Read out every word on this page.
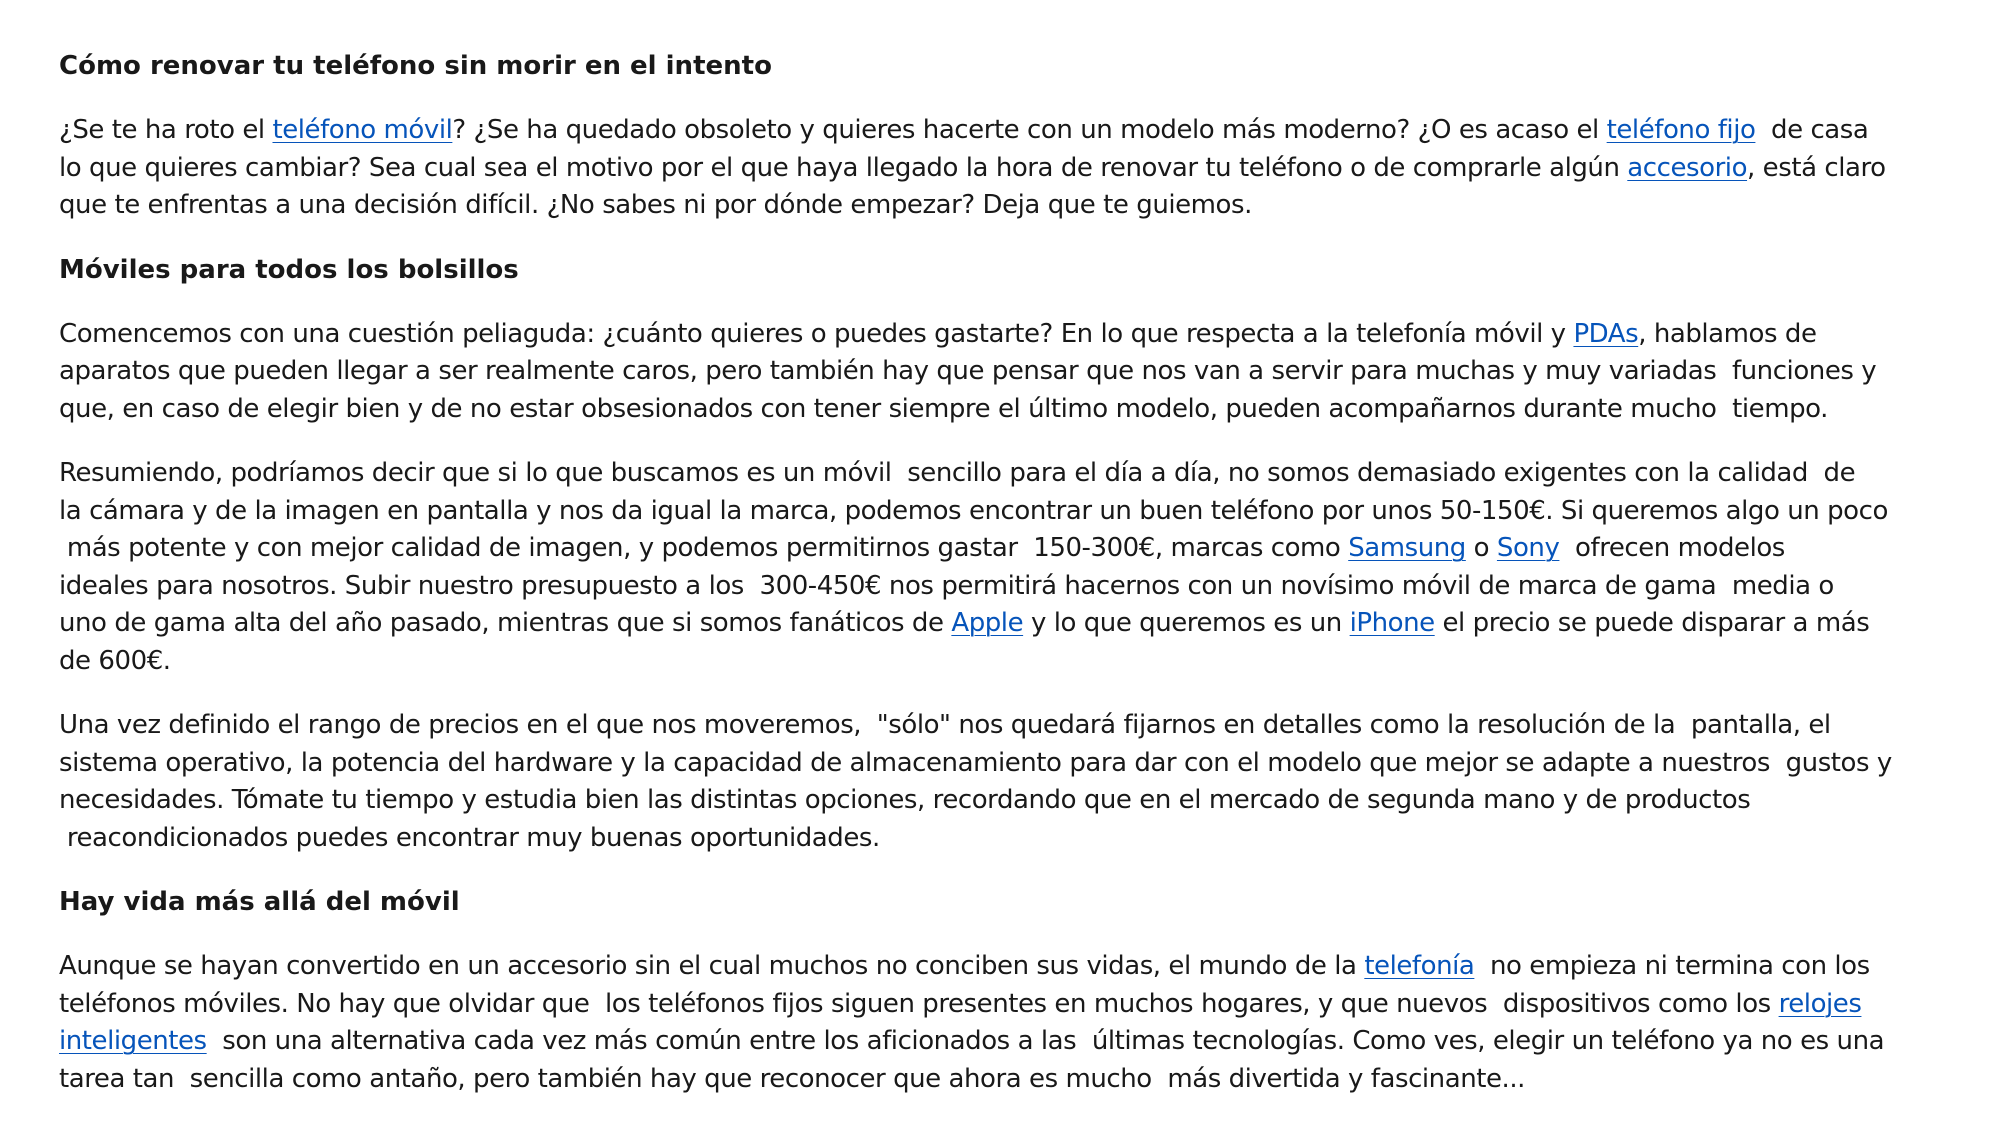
Cómo renovar tu teléfono sin morir en el intento
¿Se te ha roto el teléfono móvil? ¿Se ha quedado obsoleto y quieres hacerte con un modelo más moderno? ¿O es acaso el teléfono fijo  de casa
lo que quieres cambiar? Sea cual sea el motivo por el que haya llegado la hora de renovar tu teléfono o de comprarle algún accesorio, está claro
que te enfrentas a una decisión difícil. ¿No sabes ni por dónde empezar? Deja que te guiemos.
Móviles para todos los bolsillos
Comencemos con una cuestión peliaguda: ¿cuánto quieres o puedes gastarte? En lo que respecta a la telefonía móvil y PDAs, hablamos de
aparatos que pueden llegar a ser realmente caros, pero también hay que pensar que nos van a servir para muchas y muy variadas  funciones y
que, en caso de elegir bien y de no estar obsesionados con tener siempre el último modelo, pueden acompañarnos durante mucho  tiempo.
Resumiendo, podríamos decir que si lo que buscamos es un móvil  sencillo para el día a día, no somos demasiado exigentes con la calidad  de
la cámara y de la imagen en pantalla y nos da igual la marca, podemos encontrar un buen teléfono por unos 50-150€. Si queremos algo un poco
más potente y con mejor calidad de imagen, y podemos permitirnos gastar  150-300€, marcas como Samsung o Sony  ofrecen modelos
ideales para nosotros. Subir nuestro presupuesto a los  300-450€ nos permitirá hacernos con un novísimo móvil de marca de gama  media o
uno de gama alta del año pasado, mientras que si somos fanáticos de Apple y lo que queremos es un iPhone el precio se puede disparar a más
de 600€.
Una vez definido el rango de precios en el que nos moveremos,  "sólo" nos quedará fijarnos en detalles como la resolución de la  pantalla, el
sistema operativo, la potencia del hardware y la capacidad de almacenamiento para dar con el modelo que mejor se adapte a nuestros  gustos y
necesidades. Tómate tu tiempo y estudia bien las distintas opciones, recordando que en el mercado de segunda mano y de productos
reacondicionados puedes encontrar muy buenas oportunidades.
Hay vida más allá del móvil
Aunque se hayan convertido en un accesorio sin el cual muchos no conciben sus vidas, el mundo de la telefonía  no empieza ni termina con los
teléfonos móviles. No hay que olvidar que  los teléfonos fijos siguen presentes en muchos hogares, y que nuevos  dispositivos como los relojes
inteligentes  son una alternativa cada vez más común entre los aficionados a las  últimas tecnologías. Como ves, elegir un teléfono ya no es una
tarea tan  sencilla como antaño, pero también hay que reconocer que ahora es mucho  más divertida y fascinante...
